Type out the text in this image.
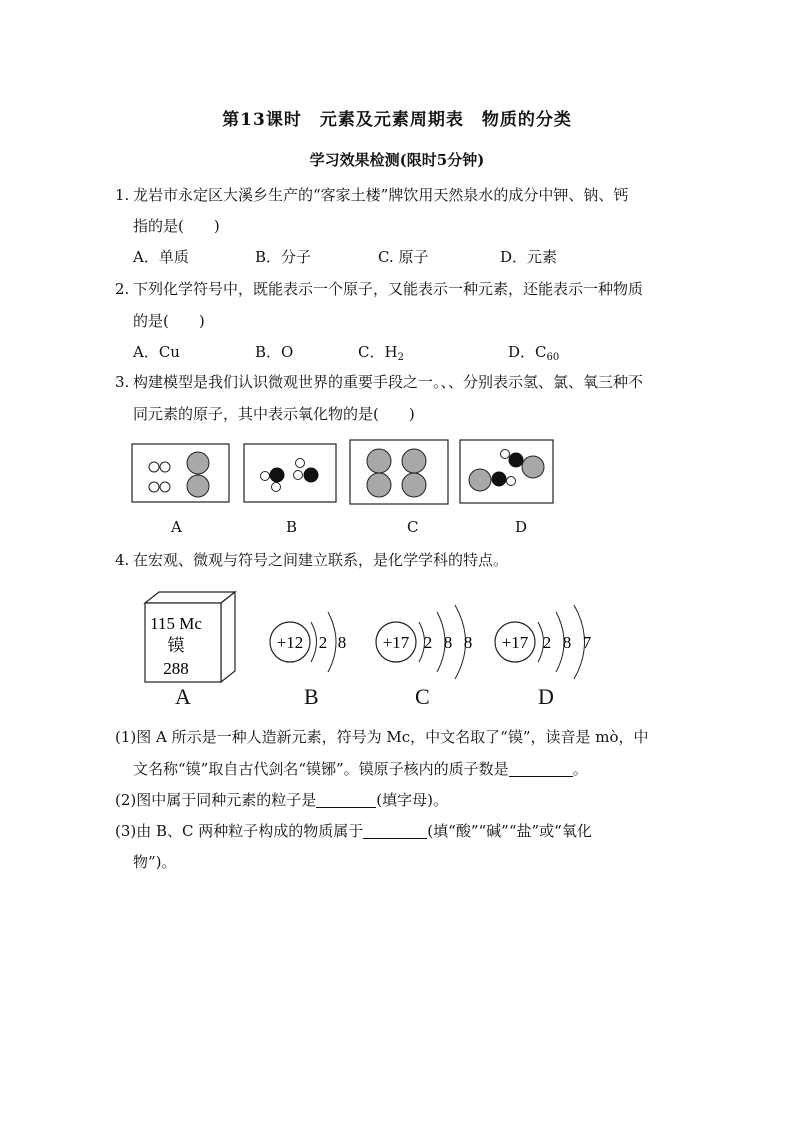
第13课时　元素及元素周期表　物质的分类
学习效果检测(限时5分钟)
1. 龙岩市永定区大溪乡生产的“客家土楼”牌饮用天然泉水的成分中钾、钠、钙
指的是(　　)
A．单质	B．分子	C. 原子	D．元素
2. 下列化学符号中，既能表示一个原子，又能表示一种元素，还能表示一种物质
的是(　　)
A．Cu	B．O	C．$H_2$	D．$C_{60}$
3. 构建模型是我们认识微观世界的重要手段之一。、、分别表示氢、氯、氧三种不
同元素的原子，其中表示氧化物的是(　　)
A	B	C	D
4. 在宏观、微观与符号之间建立联系，是化学学科的特点。
115 Mc
镆
288
+12 2 8 +17 2 8 8 +17 2 8 7
A	B	C	D
(1)图 A 所示是一种人造新元素，符号为 Mc，中文名取了“镆”，读音是 mò，中
文名称“镆”取自古代剑名“镆铘”。镆原子核内的质子数是	。
(2)图中属于同种元素的粒子是	(填字母)。
(3)由 B、C 两种粒子构成的物质属于	(填“酸”“碱”“盐”或“氧化
物”)。
